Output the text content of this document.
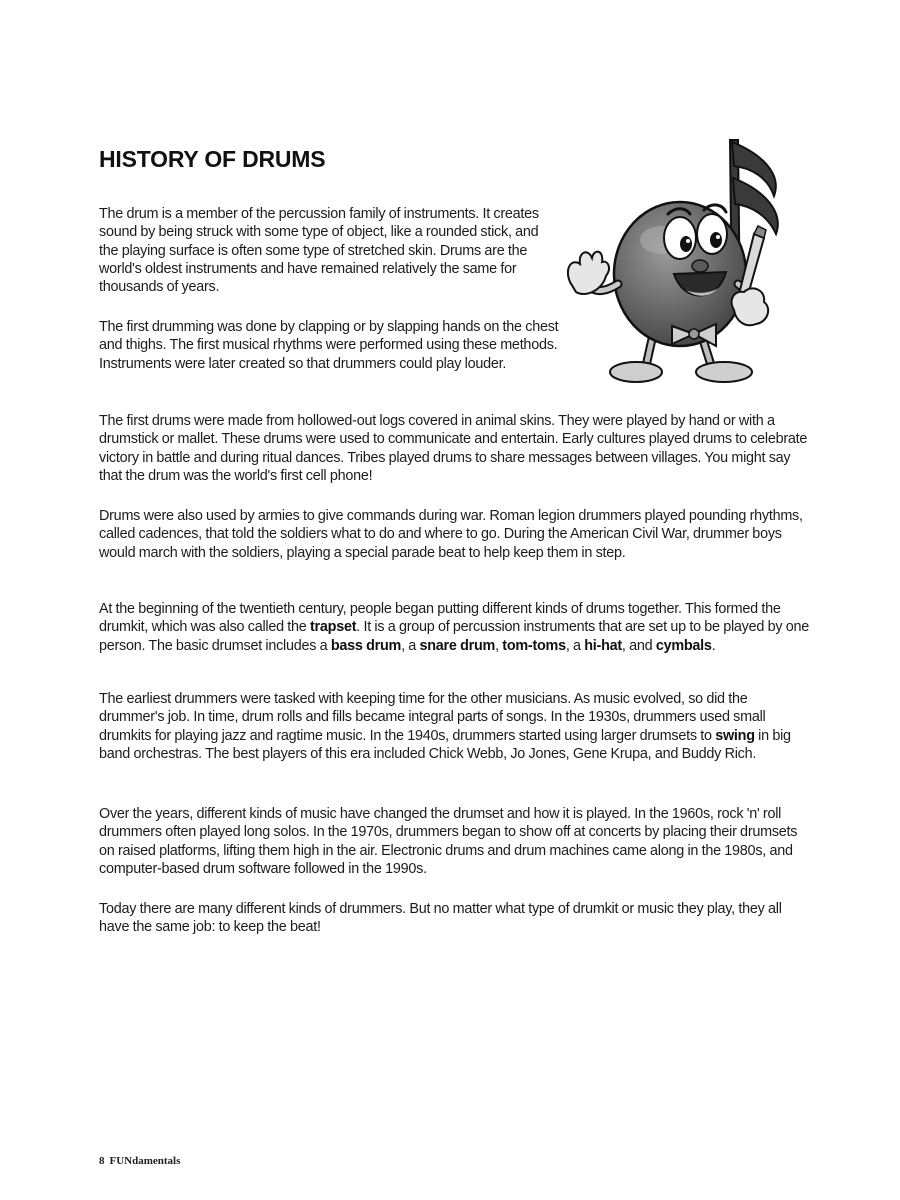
HISTORY OF DRUMS

The drum is a member of the percussion family of instruments. It creates sound by being struck with some type of object, like a rounded stick, and the playing surface is often some type of stretched skin. Drums are the world's oldest instruments and have remained relatively the same for thousands of years.

The first drumming was done by clapping or by slapping hands on the chest and thighs. The first musical rhythms were performed using these methods. Instruments were later created so that drummers could play louder.

The first drums were made from hollowed-out logs covered in animal skins. They were played by hand or with a drumstick or mallet. These drums were used to communicate and entertain. Early cultures played drums to celebrate victory in battle and during ritual dances. Tribes played drums to share messages between villages. You might say that the drum was the world's first cell phone!

Drums were also used by armies to give commands during war. Roman legion drummers played pounding rhythms, called cadences, that told the soldiers what to do and where to go. During the American Civil War, drummer boys would march with the soldiers, playing a special parade beat to help keep them in step.

At the beginning of the twentieth century, people began putting different kinds of drums together. This formed the drumkit, which was also called the trapset. It is a group of percussion instruments that are set up to be played by one person. The basic drumset includes a bass drum, a snare drum, tom-toms, a hi-hat, and cymbals.

The earliest drummers were tasked with keeping time for the other musicians. As music evolved, so did the drummer's job. In time, drum rolls and fills became integral parts of songs. In the 1930s, drummers used small drumkits for playing jazz and ragtime music. In the 1940s, drummers started using larger drumsets to swing in big band orchestras. The best players of this era included Chick Webb, Jo Jones, Gene Krupa, and Buddy Rich.

Over the years, different kinds of music have changed the drumset and how it is played. In the 1960s, rock 'n' roll drummers often played long solos. In the 1970s, drummers began to show off at concerts by placing their drumsets on raised platforms, lifting them high in the air. Electronic drums and drum machines came along in the 1980s, and computer-based drum software followed in the 1990s.

Today there are many different kinds of drummers. But no matter what type of drumkit or music they play, they all have the same job: to keep the beat!

8 FUNdamentals
